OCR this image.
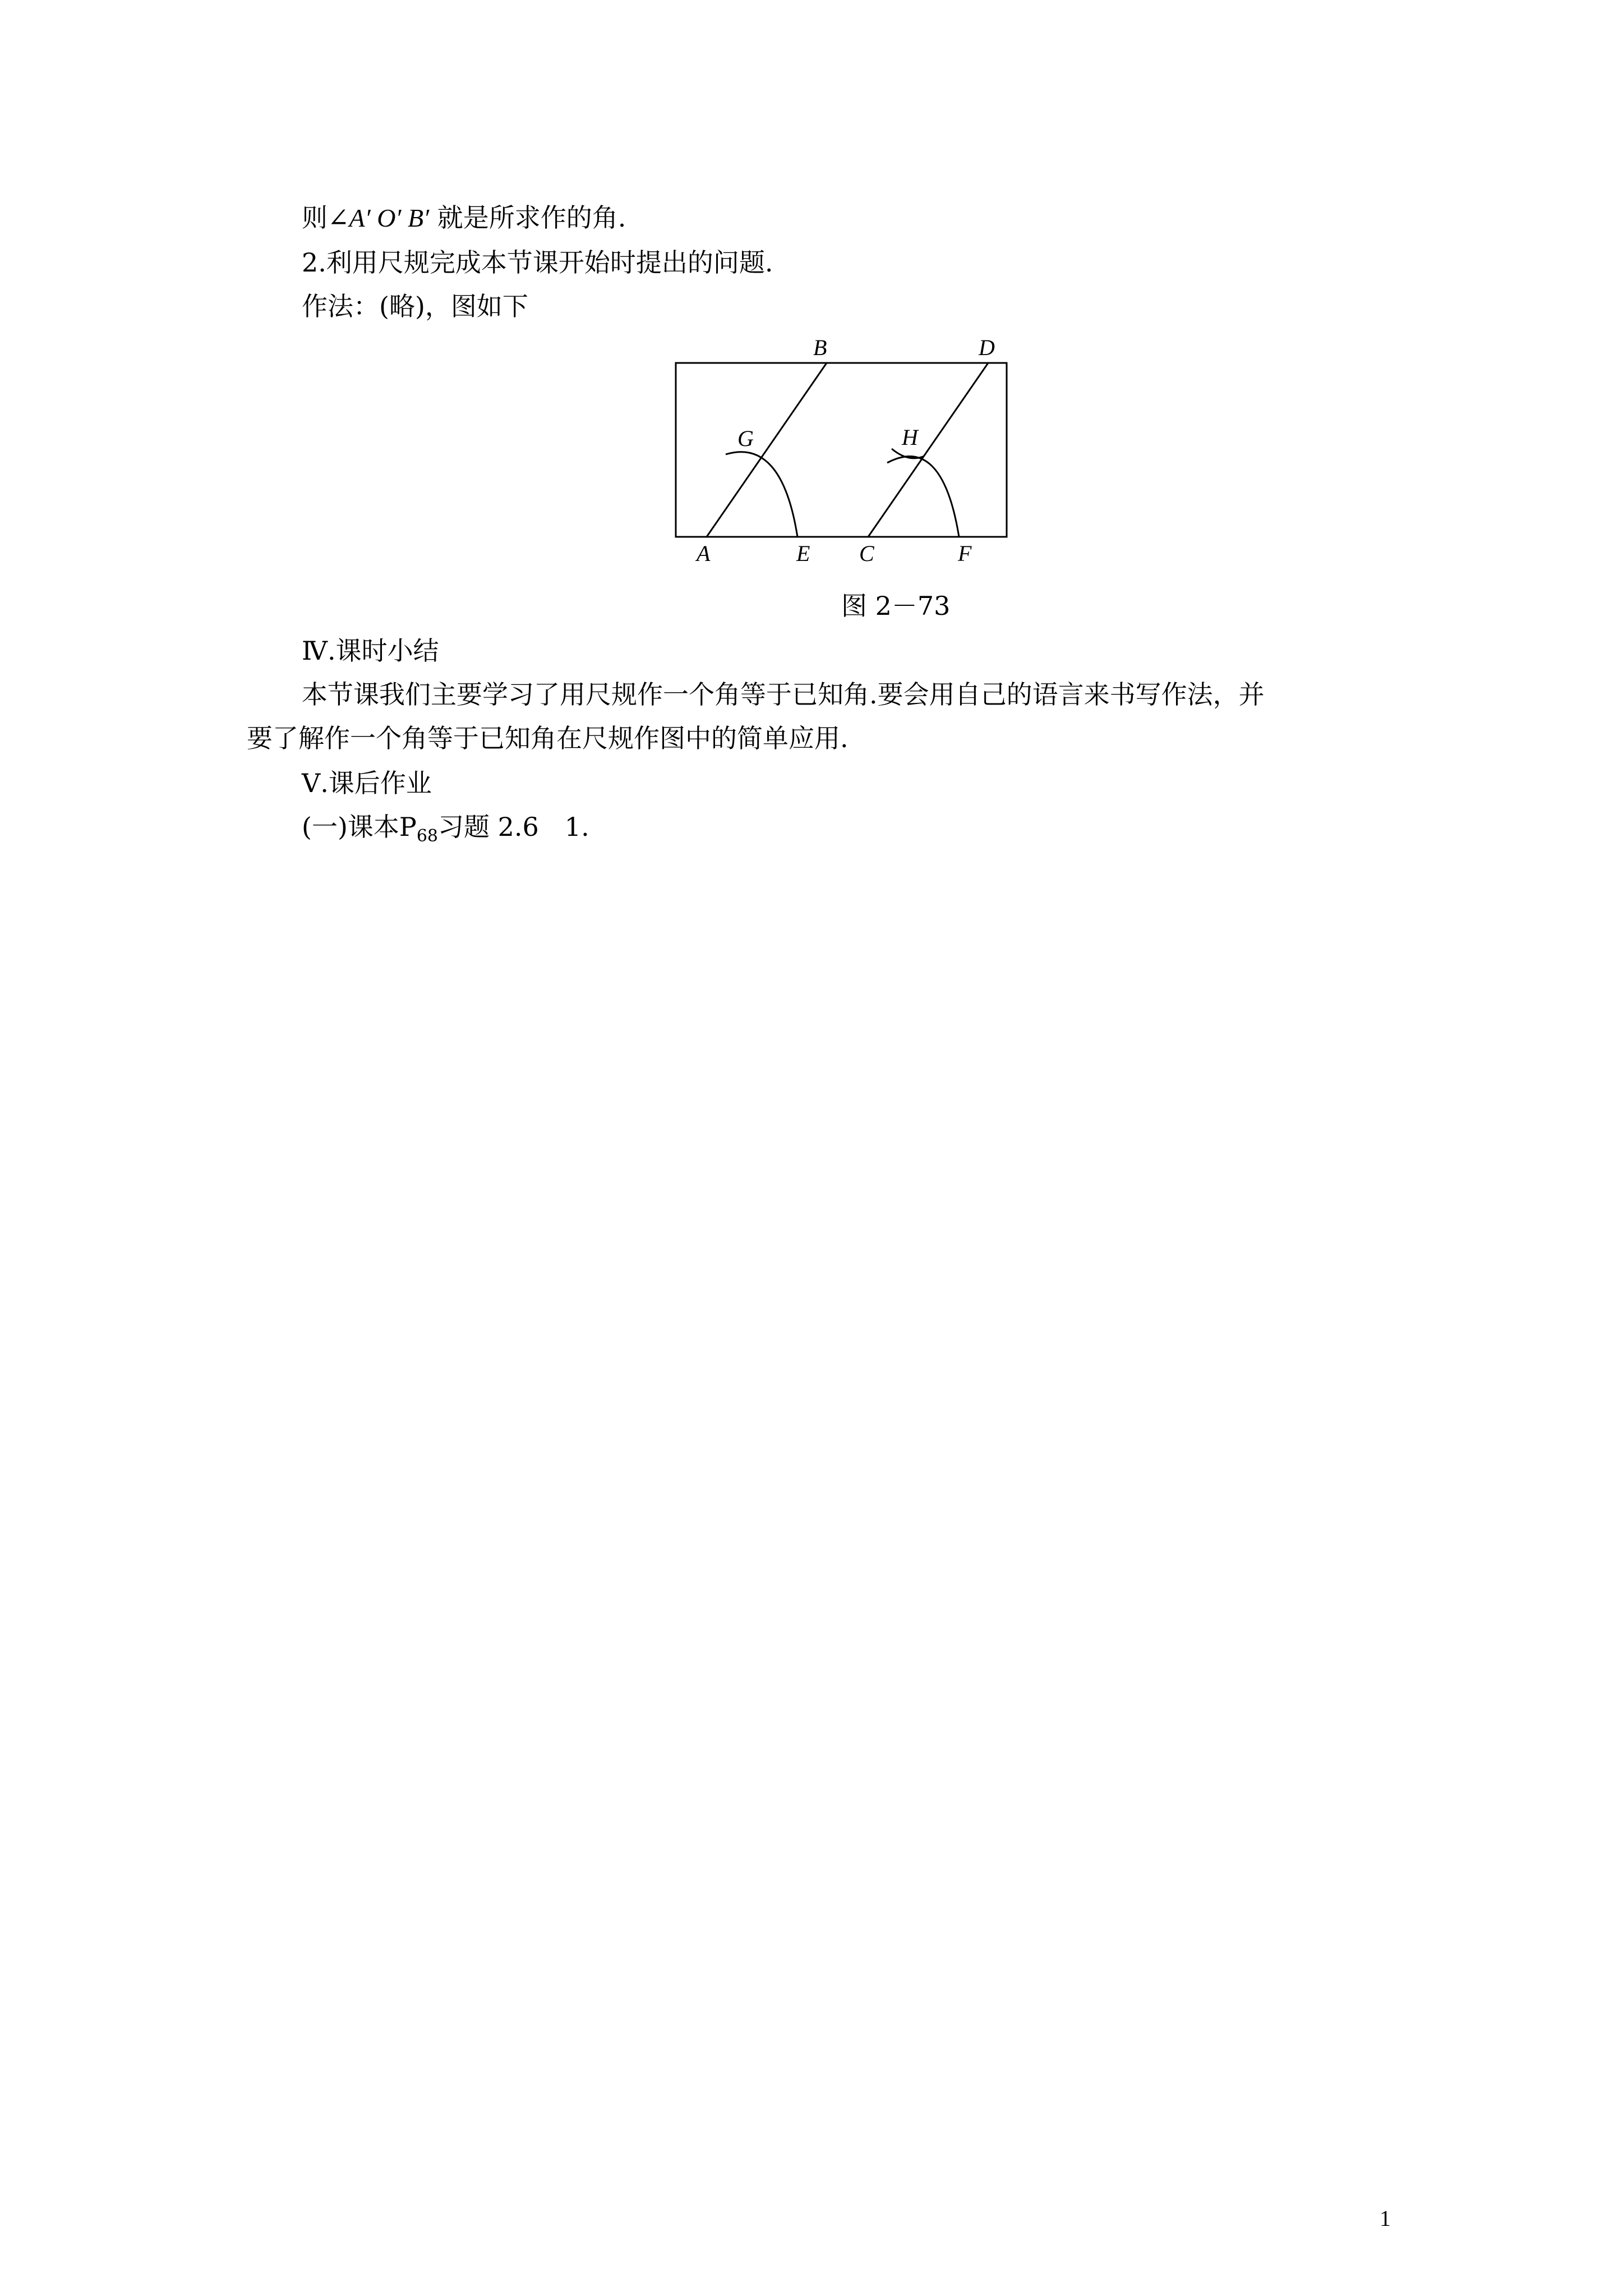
则∠A′ O′ B′ 就是所求作的角.
2.利用尺规完成本节课开始时提出的问题.
作法：(略)，图如下
B	D
G	H
A	E C	F
图 2－73
Ⅳ.课时小结
本节课我们主要学习了用尺规作一个角等于已知角.要会用自己的语言来书写作法，并
要了解作一个角等于已知角在尺规作图中的简单应用.
Ⅴ.课后作业
(一)课本$P_{68}$习题 2.6　1.
1
